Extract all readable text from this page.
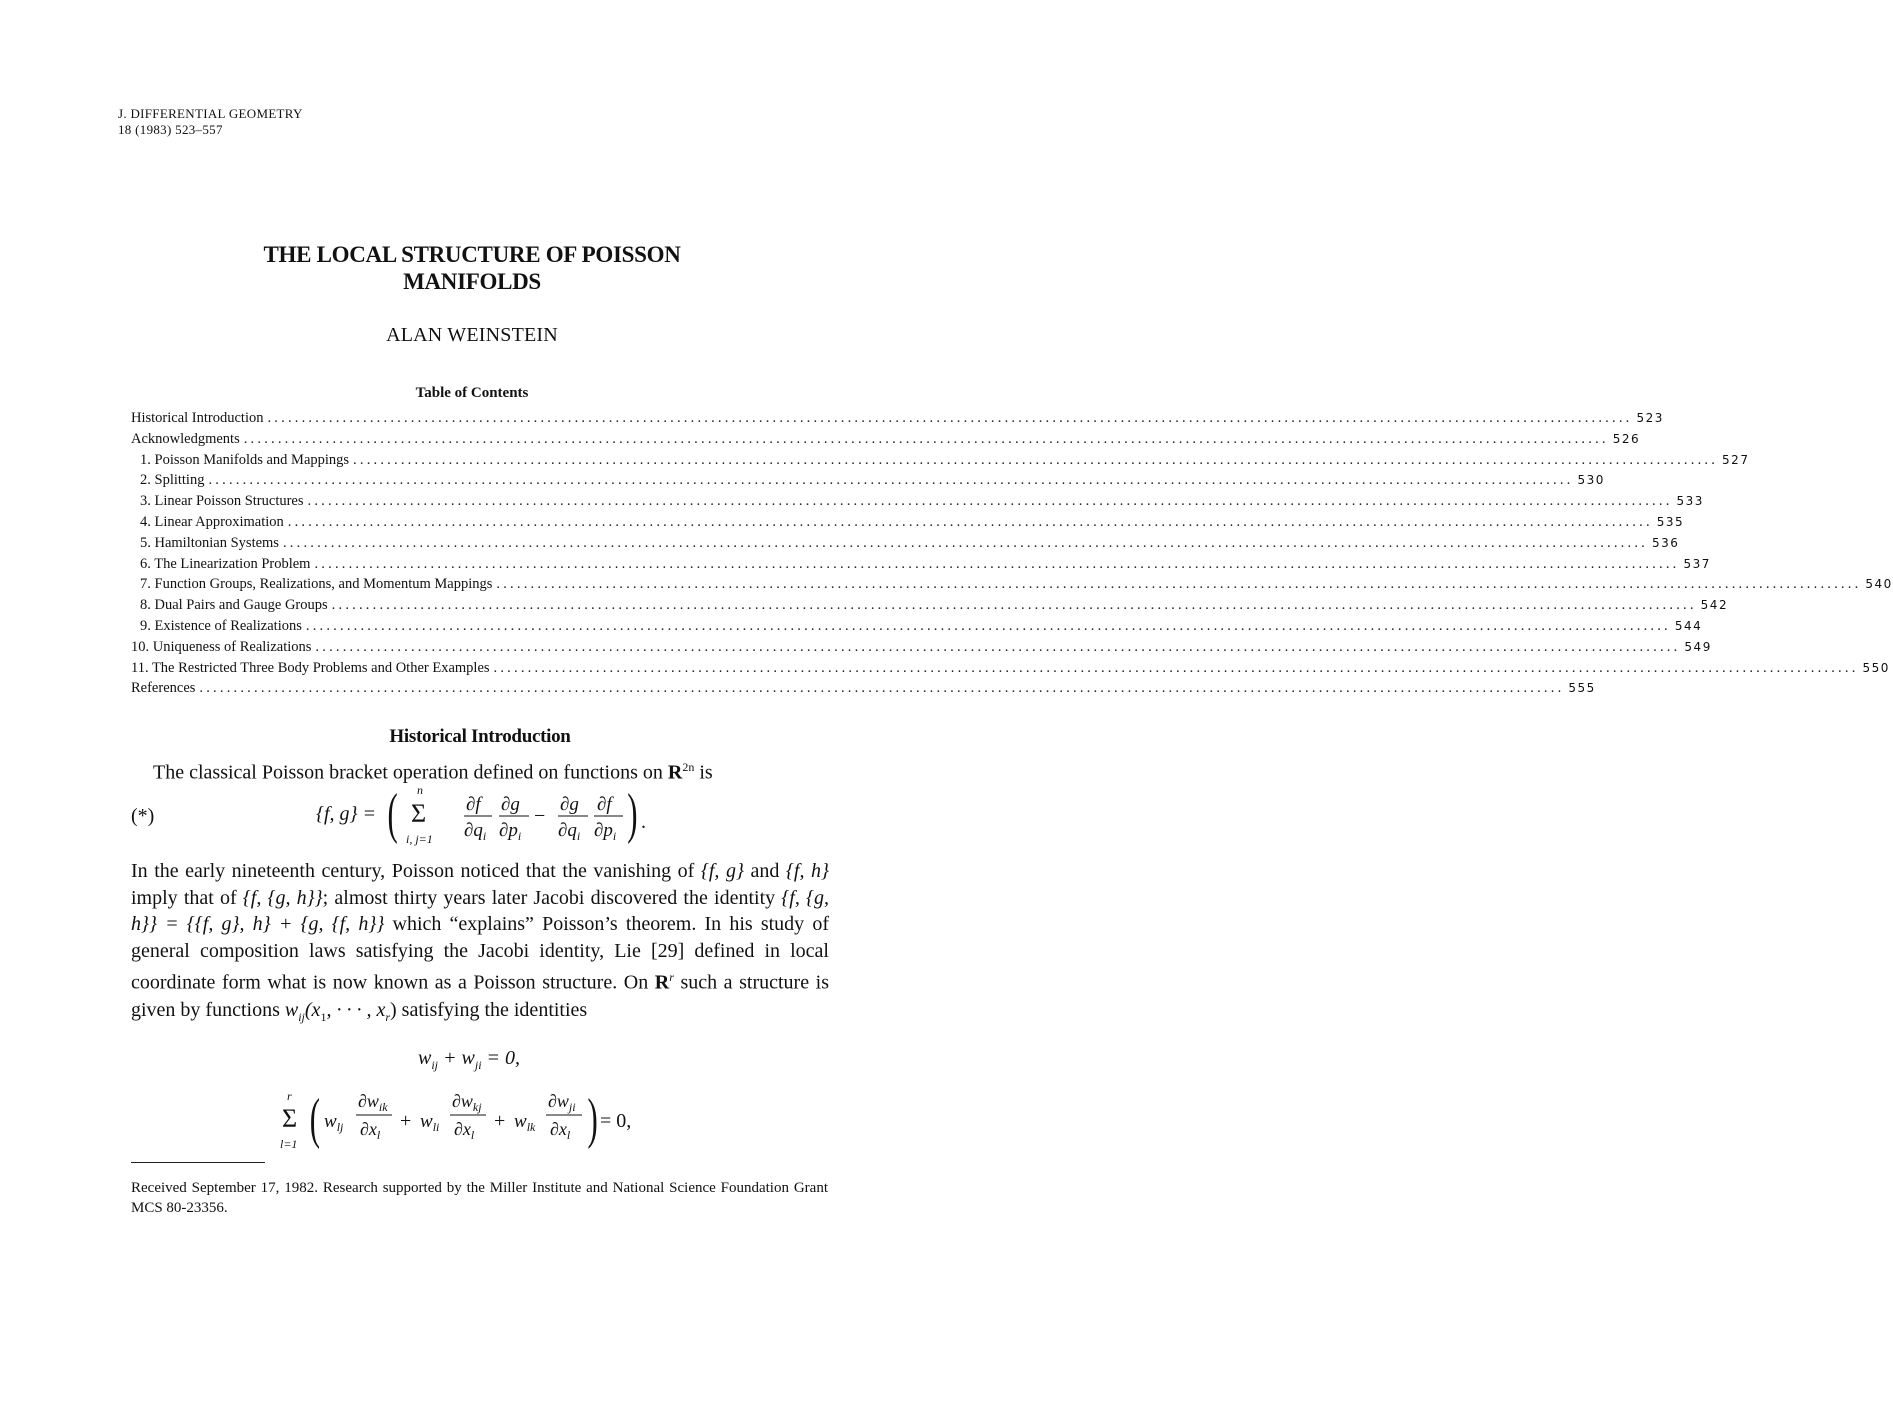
J. DIFFERENTIAL GEOMETRY
18 (1983) 523–557
THE LOCAL STRUCTURE OF POISSON
MANIFOLDS
ALAN WEINSTEIN
Table of Contents
Historical Introduction ........................................................................................................................................................................................................ 523
Acknowledgments ........................................................................................................................................................................................................ 526
1. Poisson Manifolds and Mappings ........................................................................................................................................................................................................ 527
2. Splitting ........................................................................................................................................................................................................ 530
3. Linear Poisson Structures ........................................................................................................................................................................................................ 533
4. Linear Approximation ........................................................................................................................................................................................................ 535
5. Hamiltonian Systems ........................................................................................................................................................................................................ 536
6. The Linearization Problem ........................................................................................................................................................................................................ 537
7. Function Groups, Realizations, and Momentum Mappings ........................................................................................................................................................................................................ 540
8. Dual Pairs and Gauge Groups ........................................................................................................................................................................................................ 542
9. Existence of Realizations ........................................................................................................................................................................................................ 544
10. Uniqueness of Realizations ........................................................................................................................................................................................................ 549
11. The Restricted Three Body Problems and Other Examples ........................................................................................................................................................................................................ 550
References ........................................................................................................................................................................................................ 555
Historical Introduction
The classical Poisson bracket operation defined on functions on $R^{2n}$ is
(*)	{f, g} =
n
Σ
i, j=1
(	∂f
$\partial q_i$
∂g
$\partial p_i$
−
∂g
$\partial q_i$
∂f
$\partial p_i$ ) .
In the early nineteenth century, Poisson noticed that the vanishing of {f, g} and {f, h} imply that of {f, {g, h}}; almost thirty years later Jacobi discovered the identity {f, {g, h}} = {{f, g}, h} + {g, {f, h}} which “explains” Poisson’s theorem. In his study of general composition laws satisfying the Jacobi identity, Lie [29] defined in local coordinate form what is now known as a Poisson structure. On $R^r$ such a structure is given by functions $w_{ij}(x_1$, · · · , $x_r$) satisfying the identities
$w_{ij} + w_{ji} = 0$,
r
Σ
l=1 ( $w_{lj}$
$\partial w_{ik}$
$\partial x_l$
+ $w_{li}$
$\partial w_{kj}$
$\partial x_l$
+ $w_{lk}$
$\partial w_{ji}$
$\partial x_l$ ) = 0,
Received September 17, 1982. Research supported by the Miller Institute and National Science Foundation Grant MCS 80-23356.
